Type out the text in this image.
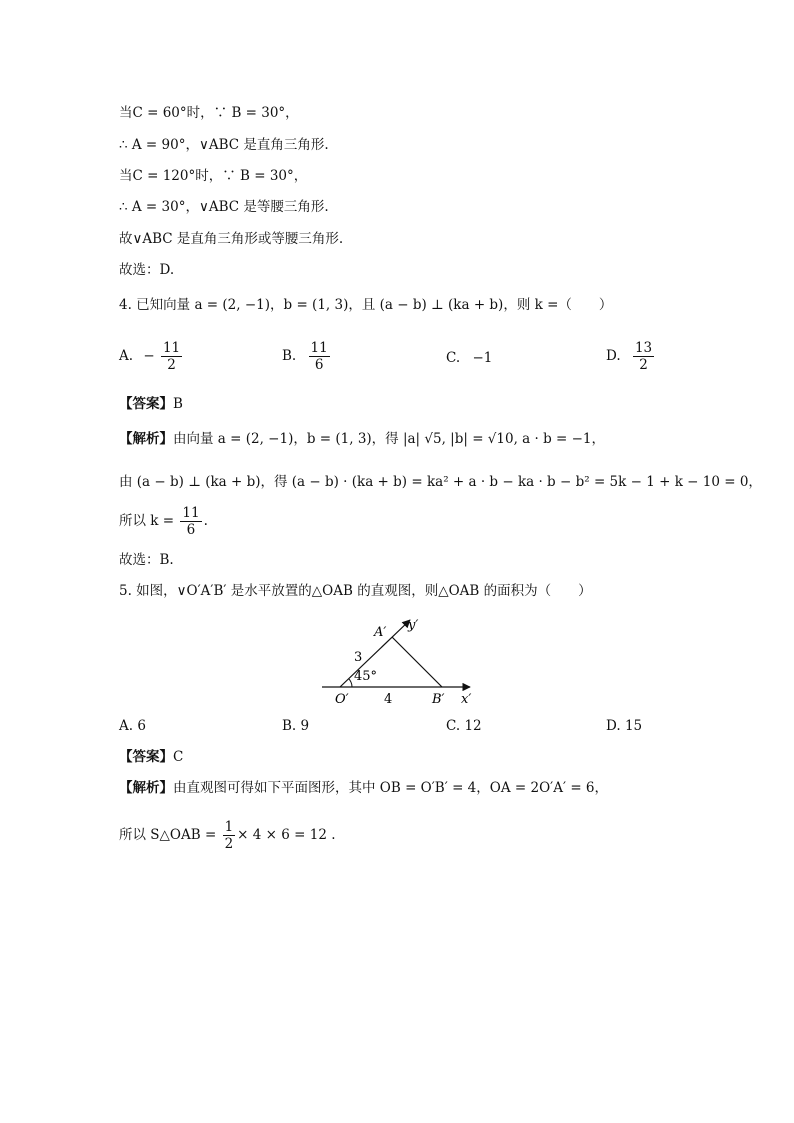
当C = 60°时，∵ B = 30°，
∴ A = 90°，∨ABC 是直角三角形.
当C = 120°时，∵ B = 30°，
∴ A = 30°，∨ABC 是等腰三角形.
故∨ABC 是直角三角形或等腰三角形.
故选：D.
4. 已知向量 a = (2, −1)，b = (1, 3)，且 (a − b) ⊥ (ka + b)，则 k =（　　）
A. − $\frac{11}{2}$	B. $\frac{11}{6}$	C. −1	D. $\frac{13}{2}$
【答案】B
【解析】由向量 a = (2, −1)，b = (1, 3)，得 |a| √5, |b| = √10, a · b = −1，
由 (a − b) ⊥ (ka + b)，得 (a − b) · (ka + b) = ka² + a · b − ka · b − b² = 5k − 1 + k − 10 = 0，
所以 $k = \frac{11}{6}$ .
故选：B.
5. 如图，∨O′A′B′ 是水平放置的△OAB 的直观图，则△OAB 的面积为（　　）
A′ y′
3
45°
O′	4	B′ x′
A. 6	B. 9	C. 12	D. 15
【答案】C
【解析】由直观图可得如下平面图形，其中 OB = O′B′ = 4，OA = 2O′A′ = 6，
所以 S△OAB = $\frac{1}{2} \times 4 \times 6 = 12$ .
